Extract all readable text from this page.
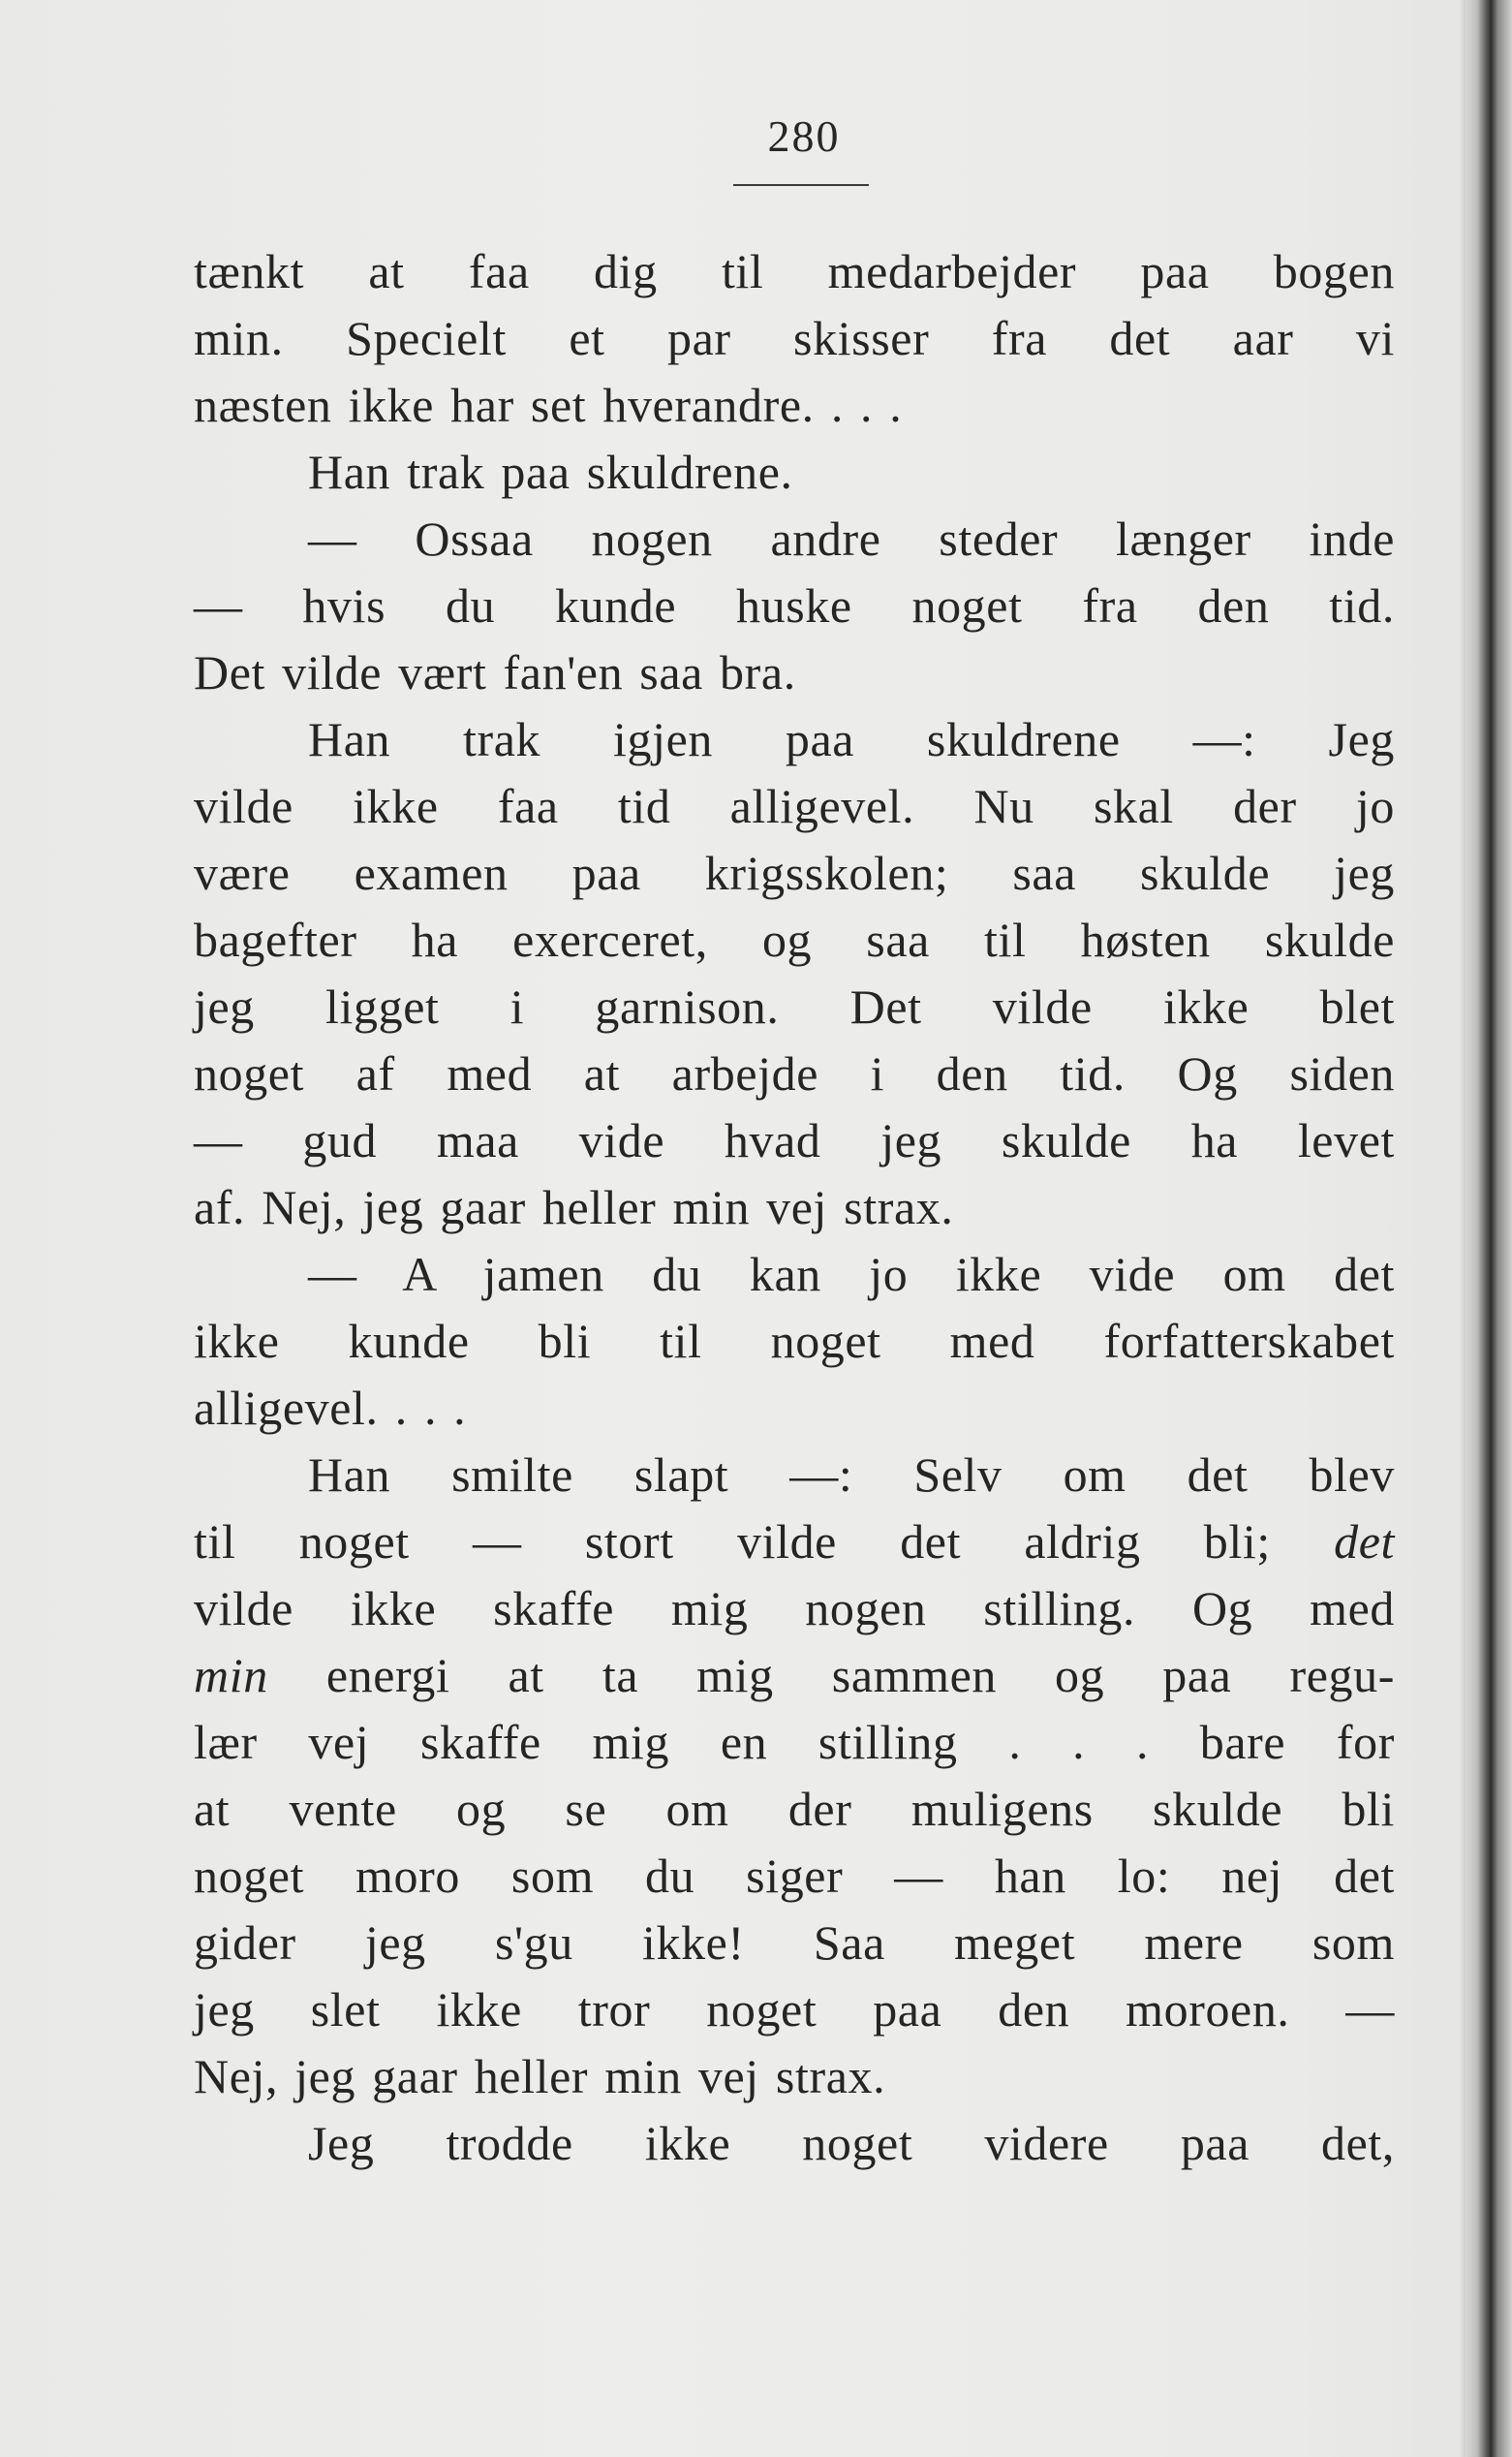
280

tænkt at faa dig til medarbejder paa bogen
min. Specielt et par skisser fra det aar vi
næsten ikke har set hverandre. . . .
Han trak paa skuldrene.
— Ossaa nogen andre steder længer inde
— hvis du kunde huske noget fra den tid.
Det vilde vært fan'en saa bra.
Han trak igjen paa skuldrene —: Jeg
vilde ikke faa tid alligevel. Nu skal der jo
være examen paa krigsskolen; saa skulde jeg
bagefter ha exerceret, og saa til høsten skulde
jeg ligget i garnison. Det vilde ikke blet
noget af med at arbejde i den tid. Og siden
— gud maa vide hvad jeg skulde ha levet
af. Nej, jeg gaar heller min vej strax.
— A jamen du kan jo ikke vide om det
ikke kunde bli til noget med forfatterskabet
alligevel. . . .
Han smilte slapt —: Selv om det blev
til noget — stort vilde det aldrig bli; det
vilde ikke skaffe mig nogen stilling. Og med
min energi at ta mig sammen og paa regu-
lær vej skaffe mig en stilling . . . bare for
at vente og se om der muligens skulde bli
noget moro som du siger — han lo: nej det
gider jeg s'gu ikke! Saa meget mere som
jeg slet ikke tror noget paa den moroen. —
Nej, jeg gaar heller min vej strax.
Jeg trodde ikke noget videre paa det,
